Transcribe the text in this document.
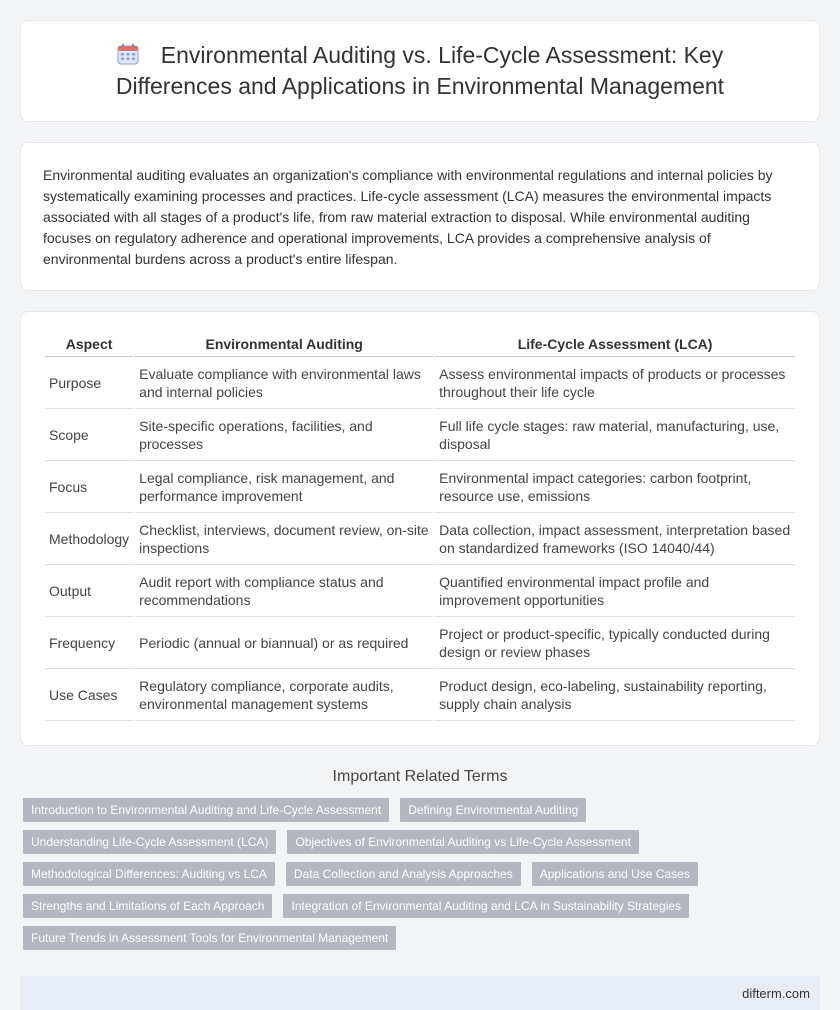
Environmental Auditing vs. Life-Cycle Assessment: Key Differences and Applications in Environmental Management

Environmental auditing evaluates an organization's compliance with environmental regulations and internal policies by systematically examining processes and practices. Life-cycle assessment (LCA) measures the environmental impacts associated with all stages of a product's life, from raw material extraction to disposal. While environmental auditing focuses on regulatory adherence and operational improvements, LCA provides a comprehensive analysis of environmental burdens across a product's entire lifespan.

Aspect	Environmental Auditing	Life-Cycle Assessment (LCA)
Purpose	Evaluate compliance with environmental laws and internal policies	Assess environmental impacts of products or processes throughout their life cycle
Scope	Site-specific operations, facilities, and processes	Full life cycle stages: raw material, manufacturing, use, disposal
Focus	Legal compliance, risk management, and performance improvement	Environmental impact categories: carbon footprint, resource use, emissions
Methodology	Checklist, interviews, document review, on-site inspections	Data collection, impact assessment, interpretation based on standardized frameworks (ISO 14040/44)
Output	Audit report with compliance status and recommendations	Quantified environmental impact profile and improvement opportunities
Frequency	Periodic (annual or biannual) or as required	Project or product-specific, typically conducted during design or review phases
Use Cases	Regulatory compliance, corporate audits, environmental management systems	Product design, eco-labeling, sustainability reporting, supply chain analysis
Important Related Terms
Introduction to Environmental Auditing and Life-Cycle Assessment	Defining Environmental Auditing
Understanding Life-Cycle Assessment (LCA)	Objectives of Environmental Auditing vs Life-Cycle Assessment
Methodological Differences: Auditing vs LCA	Data Collection and Analysis Approaches	Applications and Use Cases
Strengths and Limitations of Each Approach	Integration of Environmental Auditing and LCA in Sustainability Strategies
Future Trends in Assessment Tools for Environmental Management
difterm.com
